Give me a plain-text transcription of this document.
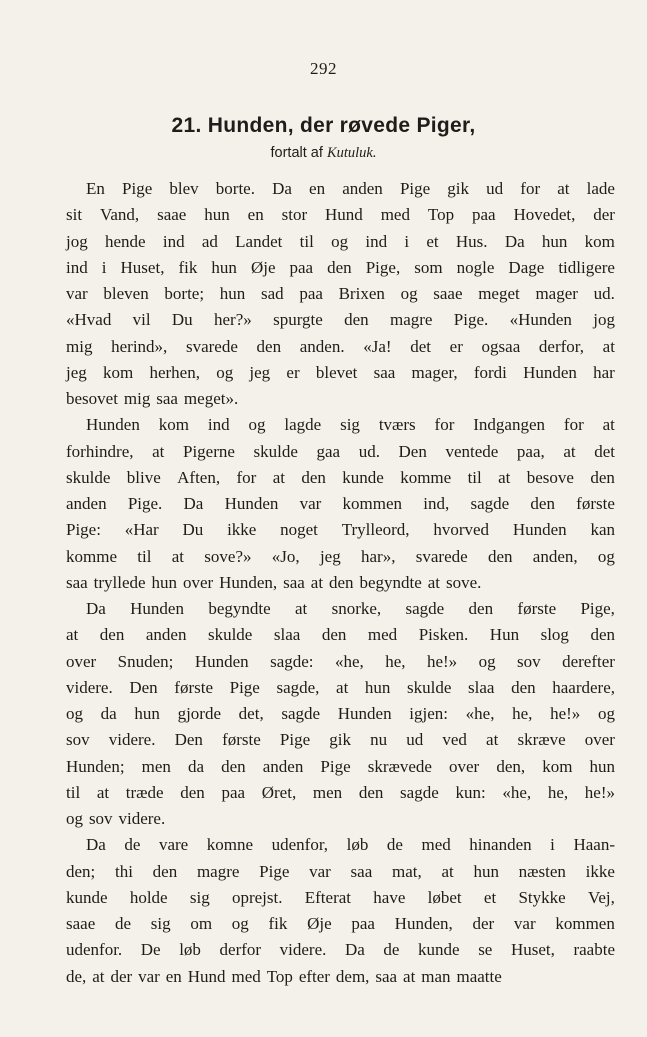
292
21. Hunden, der røvede Piger,
fortalt af Kutuluk.
En Pige blev borte. Da en anden Pige gik ud for at lade
sit Vand, saae hun en stor Hund med Top paa Hovedet, der
jog hende ind ad Landet til og ind i et Hus. Da hun kom
ind i Huset, fik hun Øje paa den Pige, som nogle Dage tidligere
var bleven borte; hun sad paa Brixen og saae meget mager ud.
«Hvad vil Du her?» spurgte den magre Pige. «Hunden jog
mig herind», svarede den anden. «Ja! det er ogsaa derfor, at
jeg kom herhen, og jeg er blevet saa mager, fordi Hunden har
besovet mig saa meget».
Hunden kom ind og lagde sig tværs for Indgangen for at
forhindre, at Pigerne skulde gaa ud. Den ventede paa, at det
skulde blive Aften, for at den kunde komme til at besove den
anden Pige. Da Hunden var kommen ind, sagde den første
Pige: «Har Du ikke noget Trylleord, hvorved Hunden kan
komme til at sove?» «Jo, jeg har», svarede den anden, og
saa tryllede hun over Hunden, saa at den begyndte at sove.
Da Hunden begyndte at snorke, sagde den første Pige,
at den anden skulde slaa den med Pisken. Hun slog den
over Snuden; Hunden sagde: «he, he, he!» og sov derefter
videre. Den første Pige sagde, at hun skulde slaa den haardere,
og da hun gjorde det, sagde Hunden igjen: «he, he, he!» og
sov videre. Den første Pige gik nu ud ved at skræve over
Hunden; men da den anden Pige skrævede over den, kom hun
til at træde den paa Øret, men den sagde kun: «he, he, he!»
og sov videre.
Da de vare komne udenfor, løb de med hinanden i Haan-
den; thi den magre Pige var saa mat, at hun næsten ikke
kunde holde sig oprejst. Efterat have løbet et Stykke Vej,
saae de sig om og fik Øje paa Hunden, der var kommen
udenfor. De løb derfor videre. Da de kunde se Huset, raabte
de, at der var en Hund med Top efter dem, saa at man maatte
